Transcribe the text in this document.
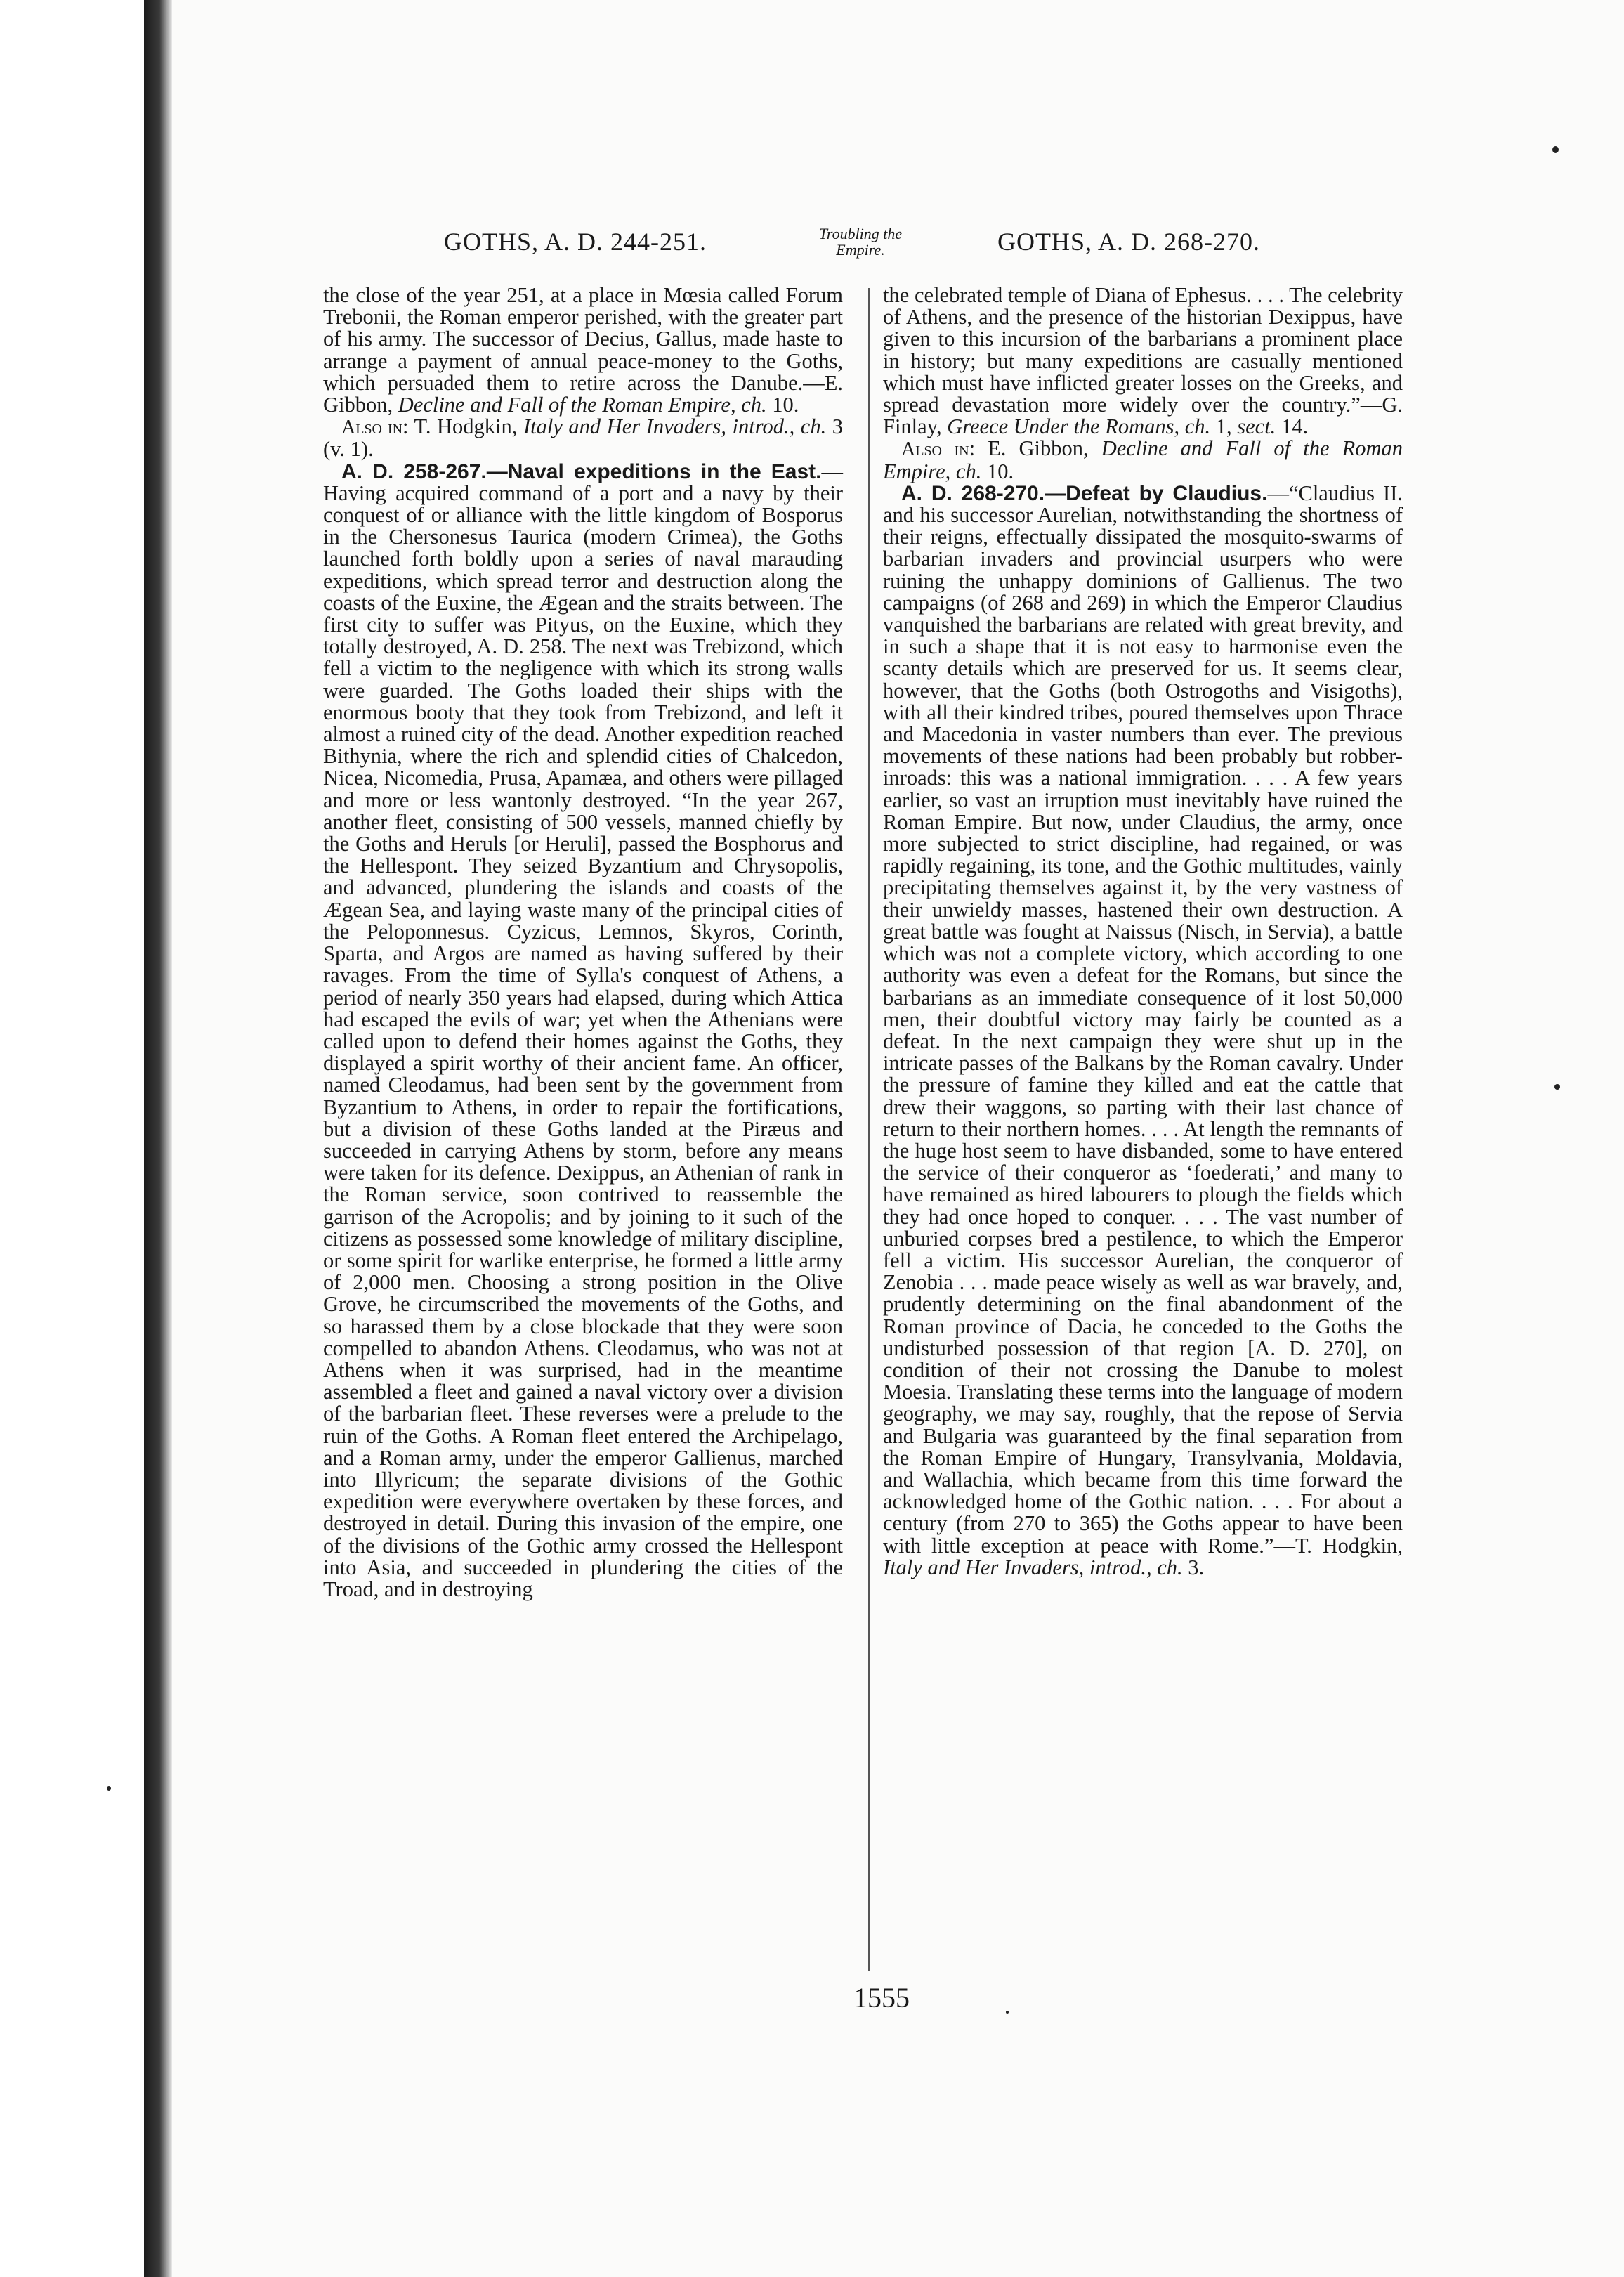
GOTHS, A. D. 244-251.	Troubling the
Empire.	GOTHS, A. D. 268-270.

the close of the year 251, at a place in Mœsia called Forum Trebonii, the Roman emperor perished, with the greater part of his army. The successor of Decius, Gallus, made haste to arrange a payment of annual peace-money to the Goths, which persuaded them to retire across the Danube.—E. Gibbon, Decline and Fall of the Roman Empire, ch. 10.

Also in: T. Hodgkin, Italy and Her Invaders, introd., ch. 3 (v. 1).

A. D. 258-267.—Naval expeditions in the East.—Having acquired command of a port and a navy by their conquest of or alliance with the little kingdom of Bosporus in the Chersonesus Taurica (modern Crimea), the Goths launched forth boldly upon a series of naval marauding expeditions, which spread terror and destruction along the coasts of the Euxine, the Ægean and the straits between. The first city to suffer was Pityus, on the Euxine, which they totally destroyed, A. D. 258. The next was Trebizond, which fell a victim to the negligence with which its strong walls were guarded. The Goths loaded their ships with the enormous booty that they took from Trebizond, and left it almost a ruined city of the dead. Another expedition reached Bithynia, where the rich and splendid cities of Chalcedon, Nicea, Nicomedia, Prusa, Apamæa, and others were pillaged and more or less wantonly destroyed. “In the year 267, another fleet, consisting of 500 vessels, manned chiefly by the Goths and Heruls [or Heruli], passed the Bosphorus and the Hellespont. They seized Byzantium and Chrysopolis, and advanced, plundering the islands and coasts of the Ægean Sea, and laying waste many of the principal cities of the Peloponnesus. Cyzicus, Lemnos, Skyros, Corinth, Sparta, and Argos are named as having suffered by their ravages. From the time of Sylla's conquest of Athens, a period of nearly 350 years had elapsed, during which Attica had escaped the evils of war; yet when the Athenians were called upon to defend their homes against the Goths, they displayed a spirit worthy of their ancient fame. An officer, named Cleodamus, had been sent by the government from Byzantium to Athens, in order to repair the fortifications, but a division of these Goths landed at the Piræus and succeeded in carrying Athens by storm, before any means were taken for its defence. Dexippus, an Athenian of rank in the Roman service, soon contrived to reassemble the garrison of the Acropolis; and by joining to it such of the citizens as possessed some knowledge of military discipline, or some spirit for warlike enterprise, he formed a little army of 2,000 men. Choosing a strong position in the Olive Grove, he circumscribed the movements of the Goths, and so harassed them by a close blockade that they were soon compelled to abandon Athens. Cleodamus, who was not at Athens when it was surprised, had in the meantime assembled a fleet and gained a naval victory over a division of the barbarian fleet. These reverses were a prelude to the ruin of the Goths. A Roman fleet entered the Archipelago, and a Roman army, under the emperor Gallienus, marched into Illyricum; the separate divisions of the Gothic expedition were everywhere overtaken by these forces, and destroyed in detail. During this invasion of the empire, one of the divisions of the Gothic army crossed the Hellespont into Asia, and succeeded in plundering the cities of the Troad, and in destroying

the celebrated temple of Diana of Ephesus. . . . The celebrity of Athens, and the presence of the historian Dexippus, have given to this incursion of the barbarians a prominent place in history; but many expeditions are casually mentioned which must have inflicted greater losses on the Greeks, and spread devastation more widely over the country.”—G. Finlay, Greece Under the Romans, ch. 1, sect. 14.

Also in: E. Gibbon, Decline and Fall of the Roman Empire, ch. 10.

A. D. 268-270.—Defeat by Claudius.—“Claudius II. and his successor Aurelian, notwithstanding the shortness of their reigns, effectually dissipated the mosquito-swarms of barbarian invaders and provincial usurpers who were ruining the unhappy dominions of Gallienus. The two campaigns (of 268 and 269) in which the Emperor Claudius vanquished the barbarians are related with great brevity, and in such a shape that it is not easy to harmonise even the scanty details which are preserved for us. It seems clear, however, that the Goths (both Ostrogoths and Visigoths), with all their kindred tribes, poured themselves upon Thrace and Macedonia in vaster numbers than ever. The previous movements of these nations had been probably but robber-inroads: this was a national immigration. . . . A few years earlier, so vast an irruption must inevitably have ruined the Roman Empire. But now, under Claudius, the army, once more subjected to strict discipline, had regained, or was rapidly regaining, its tone, and the Gothic multitudes, vainly precipitating themselves against it, by the very vastness of their unwieldy masses, hastened their own destruction. A great battle was fought at Naissus (Nisch, in Servia), a battle which was not a complete victory, which according to one authority was even a defeat for the Romans, but since the barbarians as an immediate consequence of it lost 50,000 men, their doubtful victory may fairly be counted as a defeat. In the next campaign they were shut up in the intricate passes of the Balkans by the Roman cavalry. Under the pressure of famine they killed and eat the cattle that drew their waggons, so parting with their last chance of return to their northern homes. . . . At length the remnants of the huge host seem to have disbanded, some to have entered the service of their conqueror as ‘foederati,’ and many to have remained as hired labourers to plough the fields which they had once hoped to conquer. . . . The vast number of unburied corpses bred a pestilence, to which the Emperor fell a victim. His successor Aurelian, the conqueror of Zenobia . . . made peace wisely as well as war bravely, and, prudently determining on the final abandonment of the Roman province of Dacia, he conceded to the Goths the undisturbed possession of that region [A. D. 270], on condition of their not crossing the Danube to molest Moesia. Translating these terms into the language of modern geography, we may say, roughly, that the repose of Servia and Bulgaria was guaranteed by the final separation from the Roman Empire of Hungary, Transylvania, Moldavia, and Wallachia, which became from this time forward the acknowledged home of the Gothic nation. . . . For about a century (from 270 to 365) the Goths appear to have been with little exception at peace with Rome.”—T. Hodgkin, Italy and Her Invaders, introd., ch. 3.

1555
